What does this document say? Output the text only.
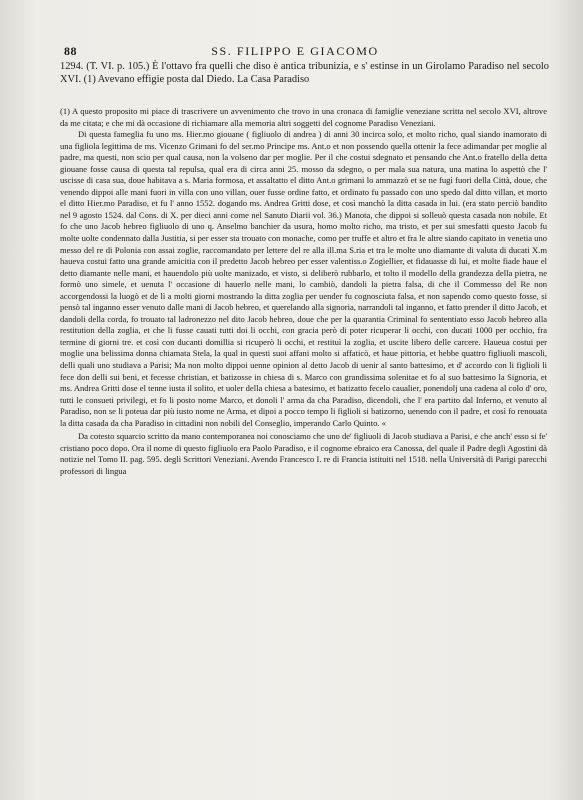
88	SS. FILIPPO E GIACOMO

1294. (T. VI. p. 105.) È l'ottavo fra quelli che diso è antica tribunizia, e s' estinse in un Girolamo Paradiso nel secolo XVI. (1) Avevano effigie posta dal Diedo. La Casa Paradiso

(1) A questo proposito mi piace di trascrivere un avvenimento che trovo in una cronaca di famiglie veneziane scritta nel secolo XVI, altrove da me citata; e che mi dà occasione di richiamare alla memoria altri soggetti del cognome Paradiso Veneziani.

Di questa fameglia fu uno ms. Hier.mo giouane ( figliuolo di andrea ) di anni 30 incirca solo, et molto richo, qual siando inamorato di una figliola legittima de ms. Vicenzo Grimani fo del ser.mo Principe ms. Ant.o et non possendo quella ottenir la fece adimandar per moglie al padre, ma questi, non scio per qual causa, non la volseno dar per moglie. Per il che costui sdegnato et pensando che Ant.o fratello della detta giouane fosse causa di questa tal repulsa, qual era di circa anni 25. mosso da sdegno, o per mala sua natura, una matina lo aspettò che l' uscisse di casa sua, doue habitava a s. Maria formosa, et assaltatto el ditto Ant.o grimani lo ammazzò et se ne fugì fuori della Città, doue, che venendo dippoi alle mani fuori in villa con uno villan, ouer fusse ordine fatto, et ordinato fu passado con uno spedo dal ditto villan, et morto el ditto Hier.mo Paradiso, et fu l' anno 1552. dogando ms. Andrea Gritti dose, et così manchò la ditta casada in lui. (era stato perciò bandito nel 9 agosto 1524. dal Cons. di X. per dieci anni come nel Sanuto Diarii vol. 36.) Manota, che dippoi si solleuò questa casada non nobile. Et fo che uno Jacob hebreo figliuolo di uno q. Anselmo banchier da usura, homo molto richo, ma tristo, et per sui smesfatti questo Jacob fu molte uolte condennato dalla Justitia, si per esser sta trouato con monache, como per truffe et altro et fra le altre siando capitato in venetia uno messo del re di Polonia con assai zoglie, raccomandato per lettere del re alla ill.ma S.ria et tra le molte uno diamante di valuta di ducati X.m haueva costui fatto una grande amicitia con il predetto Jacob hebreo per esser valentiss.o Zogiellier, et fidauasse di lui, et molte fiade haue el detto diamante nelle mani, et hauendolo più uolte manizado, et visto, si deliberò rubbarlo, et tolto il modello della grandezza della pietra, ne formò uno simele, et uenuta l' occasione di hauerlo nelle mani, lo cambiò, dandoli la pietra falsa, di che il Commesso del Re non accorgendossi la luogò et de lì a molti giorni mostrando la ditta zoglia per uender fu cognosciuta falsa, et non sapendo como questo fosse, si pensò tal inganno esser venuto dalle mani di Jacob hebreo, et querelando alla signoria, narrandoli tal inganno, et fatto prender il ditto Jacob, et dandoli della corda, fo trouato tal ladronezzo nel dito Jacob hebreo, doue che per la quarantia Criminal fo sententiato esso Jacob hebreo alla restitution della zoglia, et che li fusse cauati tutti doi li occhi, con gracia però di poter ricuperar li occhi, con ducati 1000 per occhio, fra termine di giorni tre. et così con ducanti domillia si ricuperò li occhi, et restituì la zoglia, et uscite libero delle carcere. Haueua costui per moglie una belissima donna chiamata Stela, la qual in questi suoi affani molto si affaticò, et haue pittoria, et hebbe quattro figliuoli mascoli, delli quali uno studiava a Parisi; Ma non molto dippoi uenne opinion al detto Jacob di uenir al santo battesimo, et d' accordo con li figlioli li fece don delli sui beni, et fecesse christian, et batizosse in chiesa di s. Marco con grandissima solenitae et fo al suo battesimo la Signoria, et ms. Andrea Gritti dose el tenne iusta il solito, et uoler della chiesa a batesimo, et batizatto fecelo caualier, ponendolj una cadena al colo d' oro, tutti le consueti privilegi, et fo li posto nome Marco, et donoli l' arma da cha Paradiso, dicendoli, che l' era partito dal Inferno, et venuto al Paradiso, non se li poteua dar più iusto nome ne Arma, et dipoi a pocco tempo li figlioli si batizorno, uenendo con il padre, et così fo renouata la ditta casada da cha Paradiso in cittadini non nobili del Conseglio, imperando Carlo Quinto. «

Da cotesto squarcio scritto da mano contemporanea noi conosciamo che uno de' figliuoli di Jacob studiava a Parisi, e che anch' esso si fe' cristiano poco dopo. Ora il nome di questo figliuolo era Paolo Paradiso, e il cognome ebraico era Canossa, del quale il Padre degli Agostini dà notizie nel Tomo II. pag. 595. degli Scrittori Veneziani. Avendo Francesco I. re di Francia istituiti nel 1518. nella Università di Parigi parecchi professori di lingua
